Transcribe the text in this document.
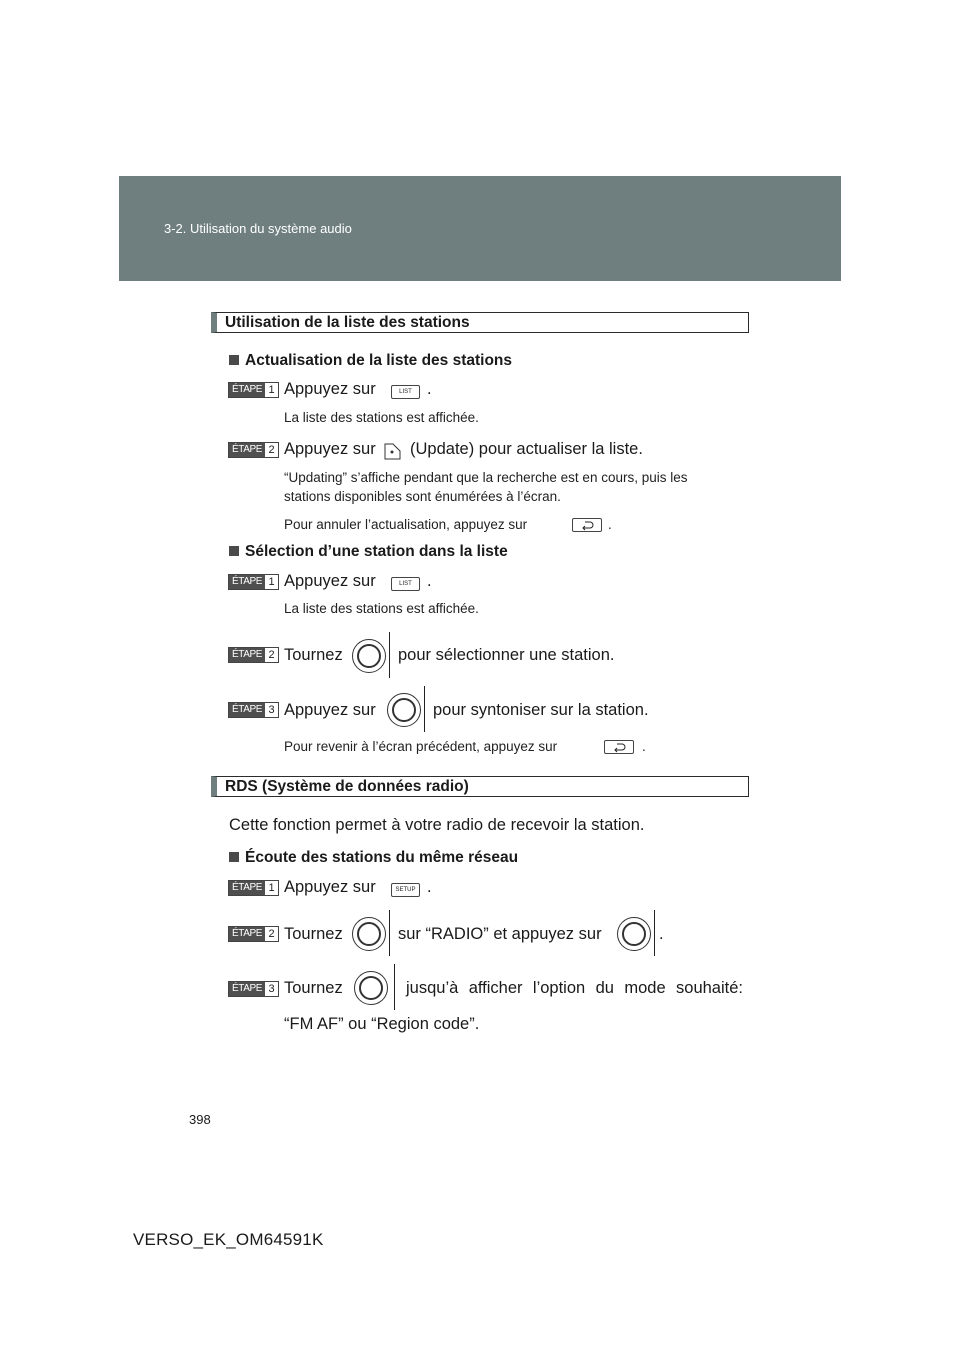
3-2. Utilisation du système audio
Utilisation de la liste des stations
Actualisation de la liste des stations
ÉTAPE 1 Appuyez sur	LIST .
La liste des stations est affichée.
ÉTAPE 2 Appuyez sur (Update) pour actualiser la liste.
“Updating” s’affiche pendant que la recherche est en cours, puis les
stations disponibles sont énumérées à l’écran.
Pour annuler l’actualisation, appuyez sur	.
Sélection d’une station dans la liste
ÉTAPE 1 Appuyez sur	LIST .
La liste des stations est affichée.
ÉTAPE 2 Tournez	pour sélectionner une station.
ÉTAPE 3 Appuyez sur	pour syntoniser sur la station.
Pour revenir à l’écran précédent, appuyez sur	.
RDS (Système de données radio)
Cette fonction permet à votre radio de recevoir la station.
Écoute des stations du même réseau
ÉTAPE 1 Appuyez sur	SETUP .
ÉTAPE 2 Tournez	sur “RADIO” et appuyez sur	.
ÉTAPE 3 Tournez	jusqu’à afficher l’option du mode souhaité:
“FM AF” ou “Region code”.
398
VERSO_EK_OM64591K
